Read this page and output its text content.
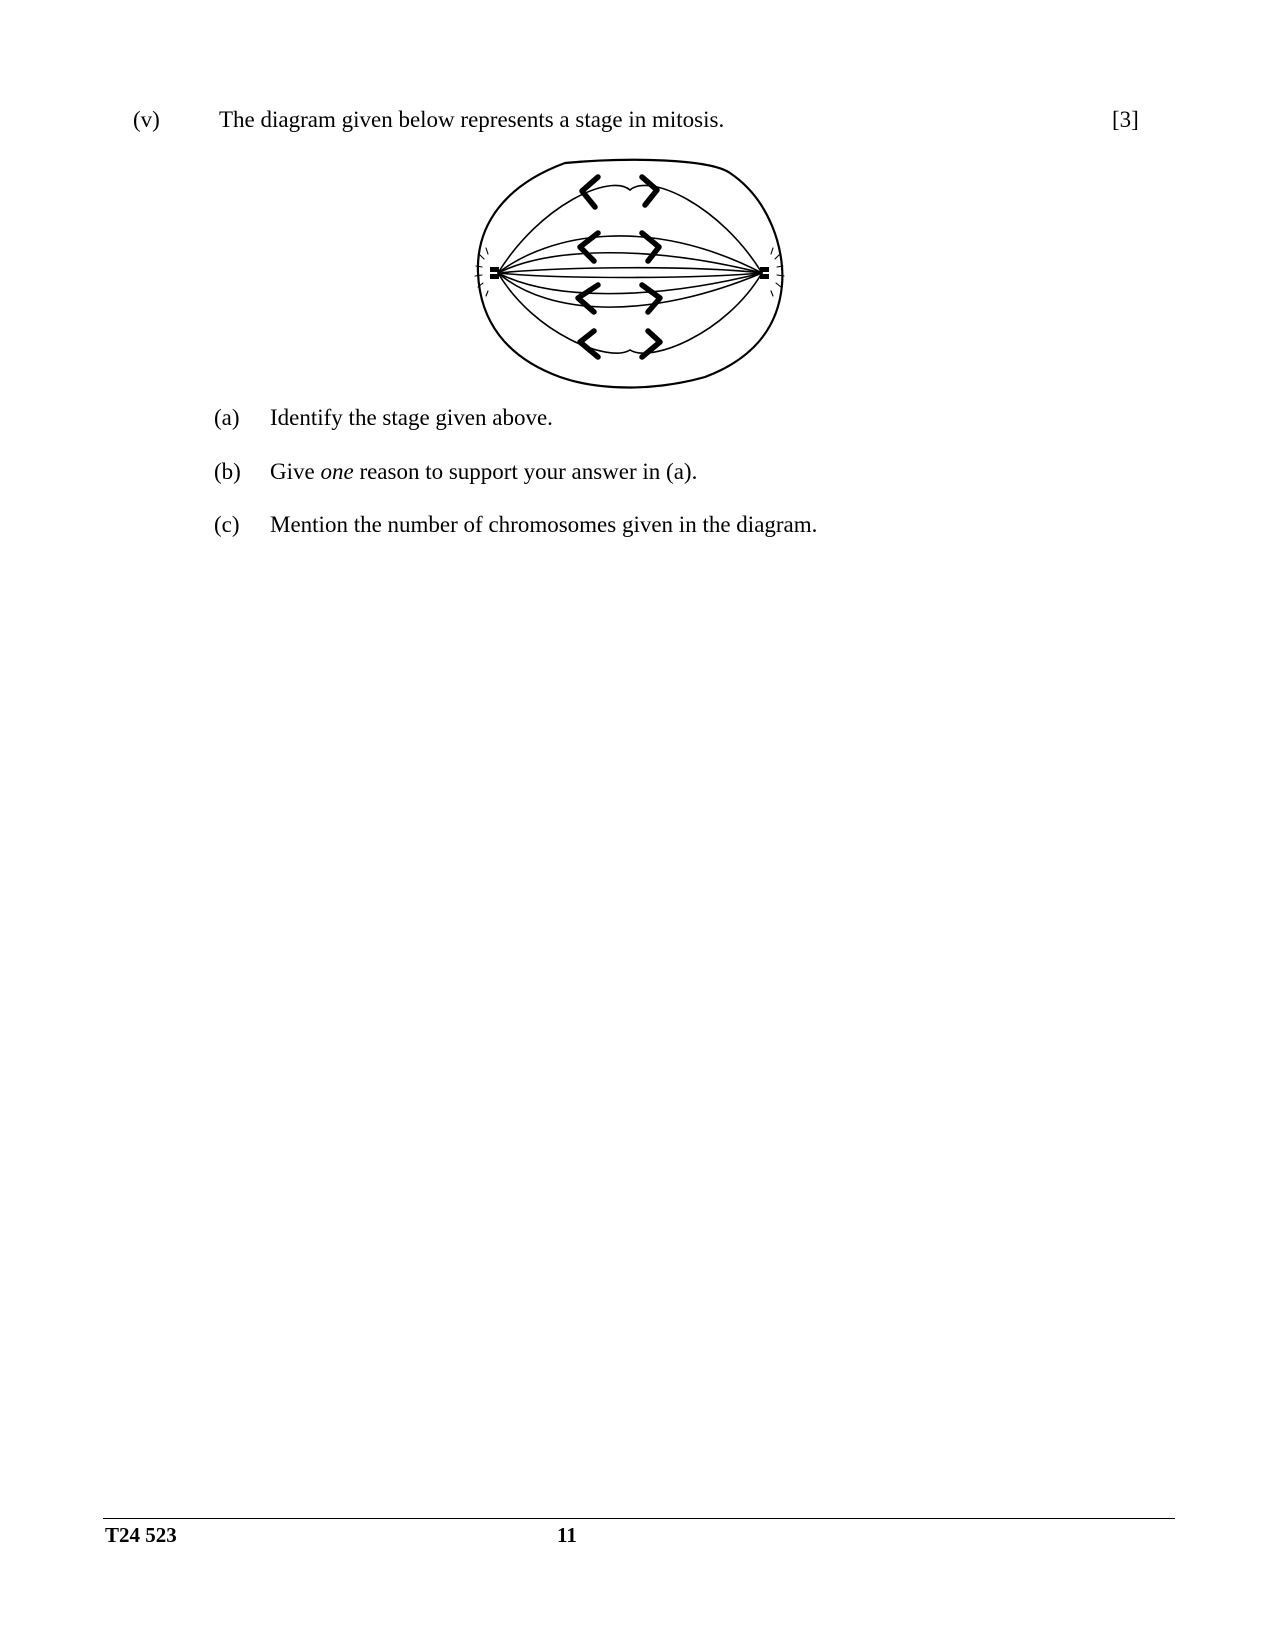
(v)	The diagram given below represents a stage in mitosis.	[3]
(a) Identify the stage given above.
(b) Give one reason to support your answer in (a).
(c) Mention the number of chromosomes given in the diagram.
T24 523	11
